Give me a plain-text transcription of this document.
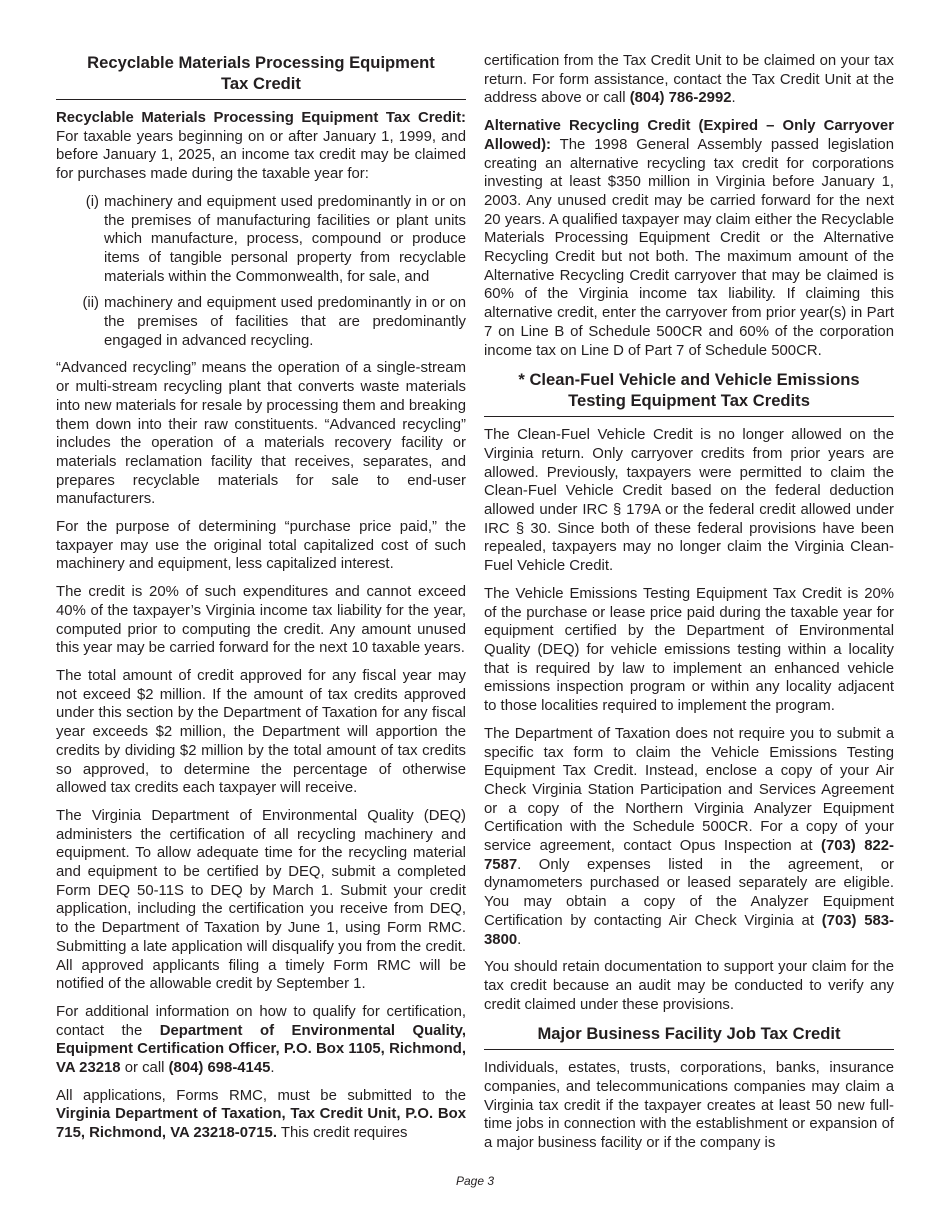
Recyclable Materials Processing Equipment
Tax Credit

Recyclable Materials Processing Equipment Tax Credit: For taxable years beginning on or after January 1, 1999, and before January 1, 2025, an income tax credit may be claimed for purchases made during the taxable year for:

(i) machinery and equipment used predominantly in or on the premises of manufacturing facilities or plant units which manufacture, process, compound or produce items of tangible personal property from recyclable materials within the Commonwealth, for sale, and
(ii) machinery and equipment used predominantly in or on the premises of facilities that are predominantly engaged in advanced recycling.

“Advanced recycling” means the operation of a single-stream or multi-stream recycling plant that converts waste materials into new materials for resale by processing them and breaking them down into their raw constituents. “Advanced recycling” includes the operation of a materials recovery facility or materials reclamation facility that receives, separates, and prepares recyclable materials for sale to end-user manufacturers.

For the purpose of determining “purchase price paid,” the taxpayer may use the original total capitalized cost of such machinery and equipment, less capitalized interest.

The credit is 20% of such expenditures and cannot exceed 40% of the taxpayer’s Virginia income tax liability for the year, computed prior to computing the credit. Any amount unused this year may be carried forward for the next 10 taxable years.

The total amount of credit approved for any fiscal year may not exceed $2 million. If the amount of tax credits approved under this section by the Department of Taxation for any fiscal year exceeds $2 million, the Department will apportion the credits by dividing $2 million by the total amount of tax credits so approved, to determine the percentage of otherwise allowed tax credits each taxpayer will receive.

The Virginia Department of Environmental Quality (DEQ) administers the certification of all recycling machinery and equipment. To allow adequate time for the recycling material and equipment to be certified by DEQ, submit a completed Form DEQ 50-11S to DEQ by March 1. Submit your credit application, including the certification you receive from DEQ, to the Department of Taxation by June 1, using Form RMC. Submitting a late application will disqualify you from the credit. All approved applicants filing a timely Form RMC will be notified of the allowable credit by September 1.

For additional information on how to qualify for certification, contact the Department of Environmental Quality, Equipment Certification Officer, P.O. Box 1105, Richmond, VA 23218 or call (804) 698-4145.

All applications, Forms RMC, must be submitted to the Virginia Department of Taxation, Tax Credit Unit, P.O. Box 715, Richmond, VA 23218-0715. This credit requires

certification from the Tax Credit Unit to be claimed on your tax return. For form assistance, contact the Tax Credit Unit at the address above or call (804) 786-2992.

Alternative Recycling Credit (Expired – Only Carryover Allowed): The 1998 General Assembly passed legislation creating an alternative recycling tax credit for corporations investing at least $350 million in Virginia before January 1, 2003. Any unused credit may be carried forward for the next 20 years. A qualified taxpayer may claim either the Recyclable Materials Processing Equipment Credit or the Alternative Recycling Credit but not both. The maximum amount of the Alternative Recycling Credit carryover that may be claimed is 60% of the Virginia income tax liability. If claiming this alternative credit, enter the carryover from prior year(s) in Part 7 on Line B of Schedule 500CR and 60% of the corporation income tax on Line D of Part 7 of Schedule 500CR.

* Clean-Fuel Vehicle and Vehicle Emissions
Testing Equipment Tax Credits

The Clean-Fuel Vehicle Credit is no longer allowed on the Virginia return. Only carryover credits from prior years are allowed. Previously, taxpayers were permitted to claim the Clean-Fuel Vehicle Credit based on the federal deduction allowed under IRC § 179A or the federal credit allowed under IRC § 30. Since both of these federal provisions have been repealed, taxpayers may no longer claim the Virginia Clean-Fuel Vehicle Credit.

The Vehicle Emissions Testing Equipment Tax Credit is 20% of the purchase or lease price paid during the taxable year for equipment certified by the Department of Environmental Quality (DEQ) for vehicle emissions testing within a locality that is required by law to implement an enhanced vehicle emissions inspection program or within any locality adjacent to those localities required to implement the program.

The Department of Taxation does not require you to submit a specific tax form to claim the Vehicle Emissions Testing Equipment Tax Credit. Instead, enclose a copy of your Air Check Virginia Station Participation and Services Agreement or a copy of the Northern Virginia Analyzer Equipment Certification with the Schedule 500CR. For a copy of your service agreement, contact Opus Inspection at (703) 822-7587. Only expenses listed in the agreement, or dynamometers purchased or leased separately are eligible. You may obtain a copy of the Analyzer Equipment Certification by contacting Air Check Virginia at (703) 583-3800.

You should retain documentation to support your claim for the tax credit because an audit may be conducted to verify any credit claimed under these provisions.

Major Business Facility Job Tax Credit

Individuals, estates, trusts, corporations, banks, insurance companies, and telecommunications companies may claim a Virginia tax credit if the taxpayer creates at least 50 new full-time jobs in connection with the establishment or expansion of a major business facility or if the company is

Page 3
